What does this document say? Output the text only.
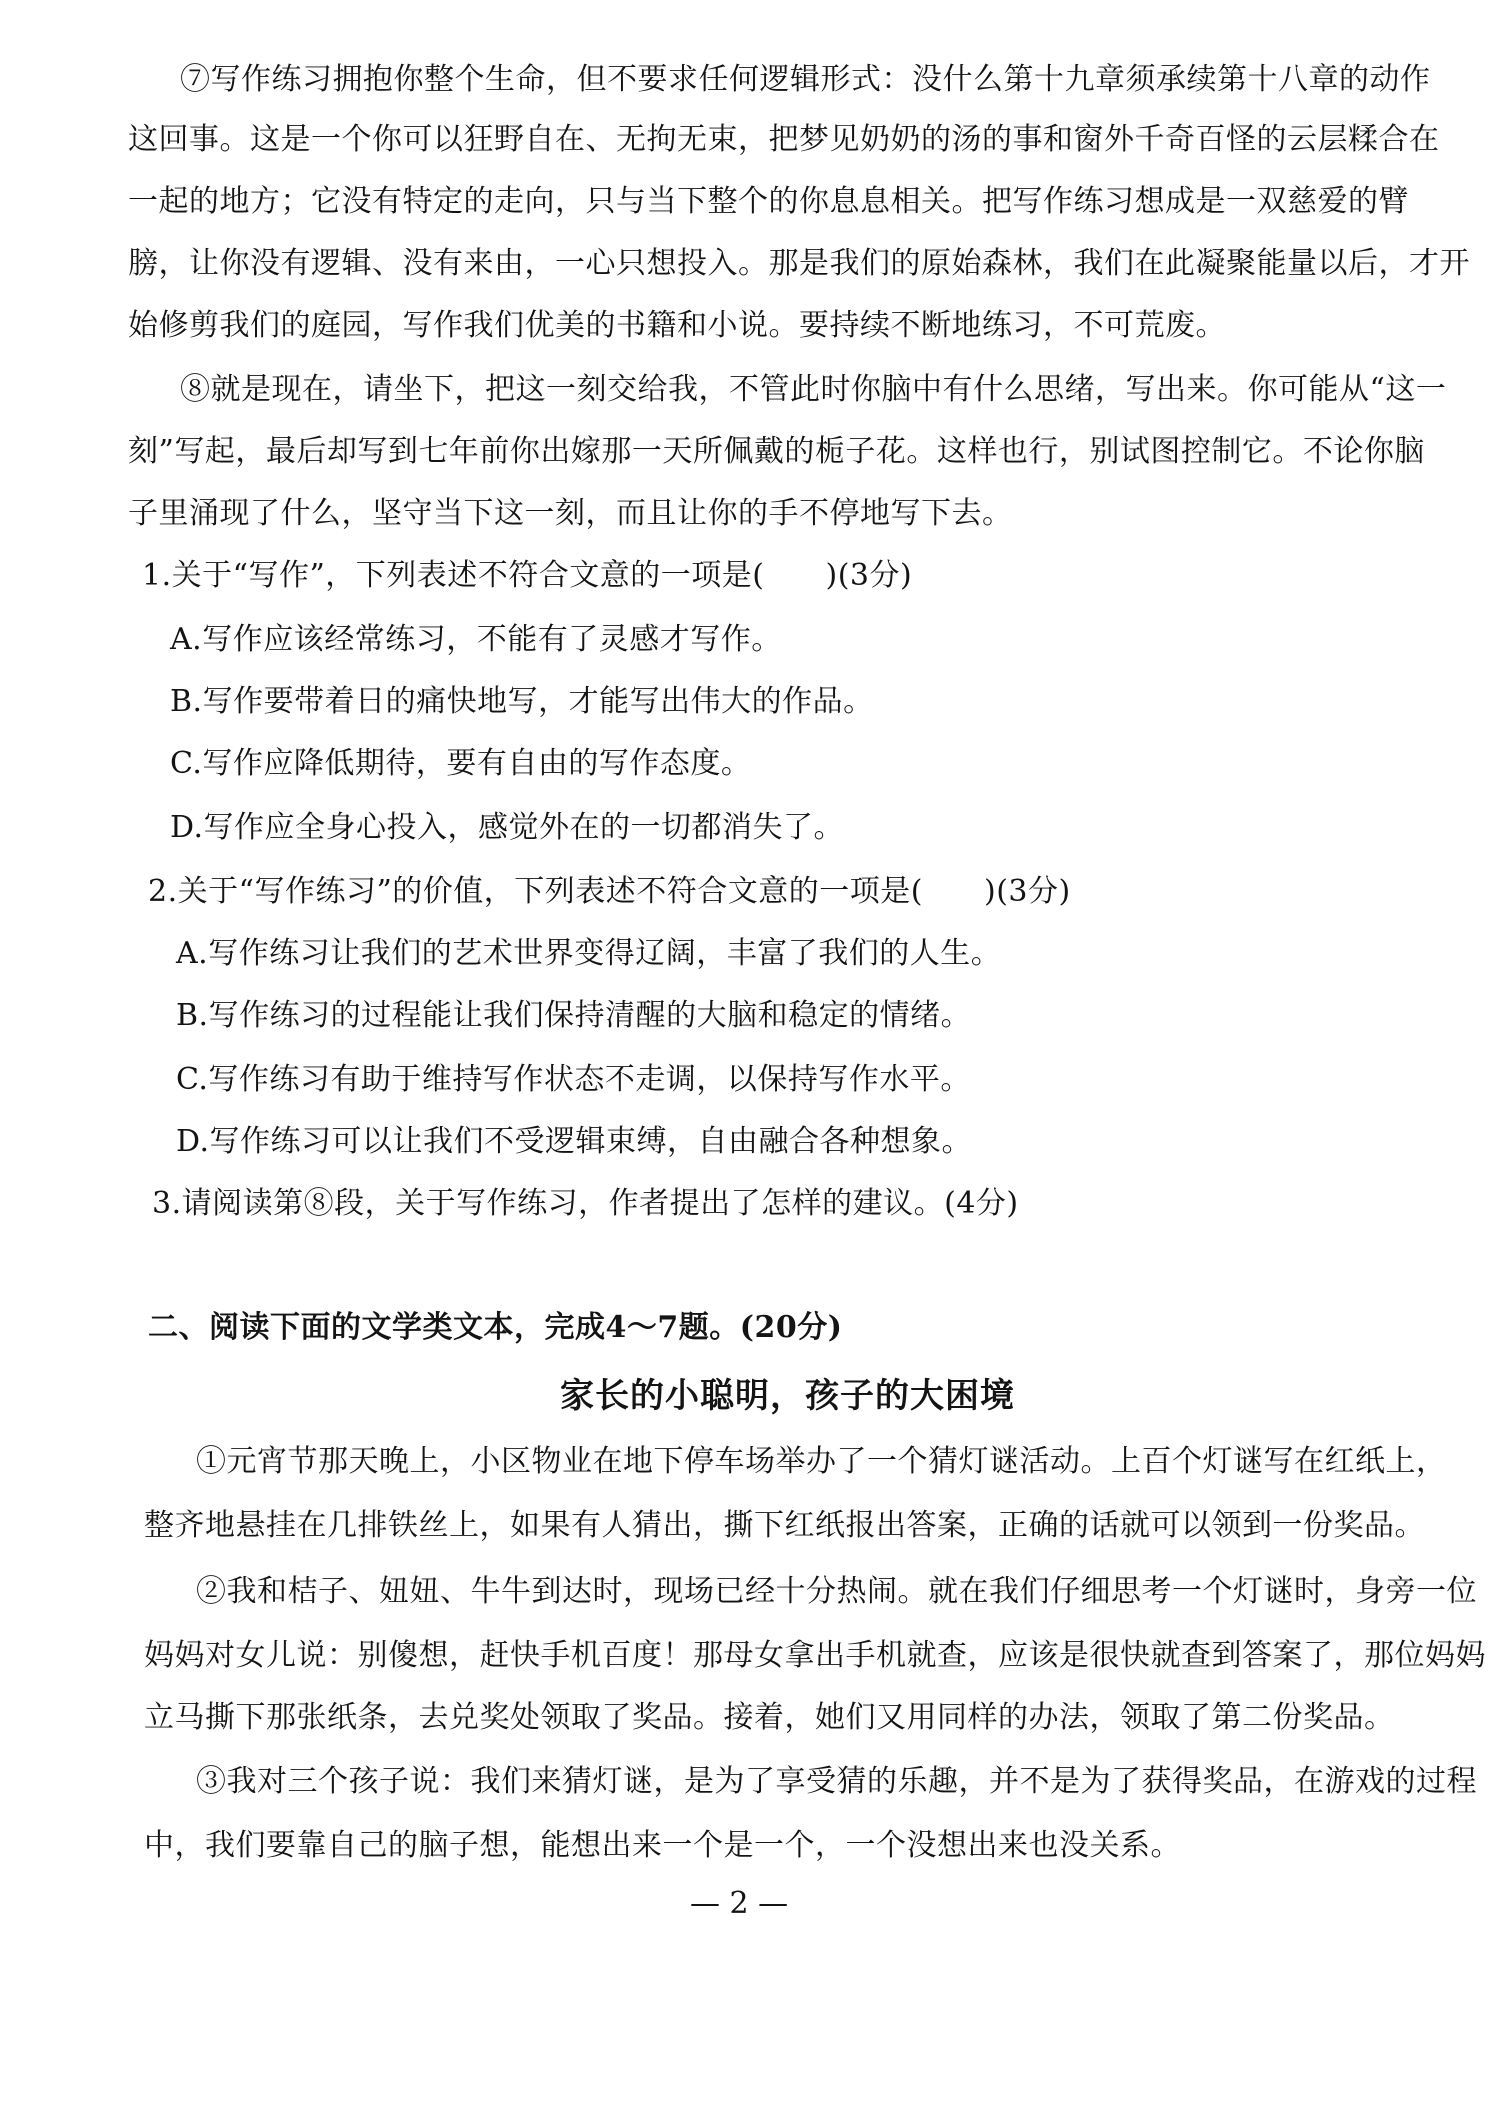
⑦写作练习拥抱你整个生命，但不要求任何逻辑形式：没什么第十九章须承续第十八章的动作
这回事。这是一个你可以狂野自在、无拘无束，把梦见奶奶的汤的事和窗外千奇百怪的云层糅合在
一起的地方；它没有特定的走向，只与当下整个的你息息相关。把写作练习想成是一双慈爱的臂
膀，让你没有逻辑、没有来由，一心只想投入。那是我们的原始森林，我们在此凝聚能量以后，才开
始修剪我们的庭园，写作我们优美的书籍和小说。要持续不断地练习，不可荒废。
⑧就是现在，请坐下，把这一刻交给我，不管此时你脑中有什么思绪，写出来。你可能从“这一
刻”写起，最后却写到七年前你出嫁那一天所佩戴的栀子花。这样也行，别试图控制它。不论你脑
子里涌现了什么，坚守当下这一刻，而且让你的手不停地写下去。
1.关于“写作”，下列表述不符合文意的一项是(　　)(3分)
A.写作应该经常练习，不能有了灵感才写作。
B.写作要带着日的痛快地写，才能写出伟大的作品。
C.写作应降低期待，要有自由的写作态度。
D.写作应全身心投入，感觉外在的一切都消失了。
2.关于“写作练习”的价值，下列表述不符合文意的一项是(　　)(3分)
A.写作练习让我们的艺术世界变得辽阔，丰富了我们的人生。
B.写作练习的过程能让我们保持清醒的大脑和稳定的情绪。
C.写作练习有助于维持写作状态不走调，以保持写作水平。
D.写作练习可以让我们不受逻辑束缚，自由融合各种想象。
3.请阅读第⑧段，关于写作练习，作者提出了怎样的建议。(4分)
二、阅读下面的文学类文本，完成4～7题。(20分)
家长的小聪明，孩子的大困境
①元宵节那天晚上，小区物业在地下停车场举办了一个猜灯谜活动。上百个灯谜写在红纸上，
整齐地悬挂在几排铁丝上，如果有人猜出，撕下红纸报出答案，正确的话就可以领到一份奖品。
②我和桔子、妞妞、牛牛到达时，现场已经十分热闹。就在我们仔细思考一个灯谜时，身旁一位
妈妈对女儿说：别傻想，赶快手机百度！那母女拿出手机就查，应该是很快就查到答案了，那位妈妈
立马撕下那张纸条，去兑奖处领取了奖品。接着，她们又用同样的办法，领取了第二份奖品。
③我对三个孩子说：我们来猜灯谜，是为了享受猜的乐趣，并不是为了获得奖品，在游戏的过程
中，我们要靠自己的脑子想，能想出来一个是一个，一个没想出来也没关系。
— 2 —
